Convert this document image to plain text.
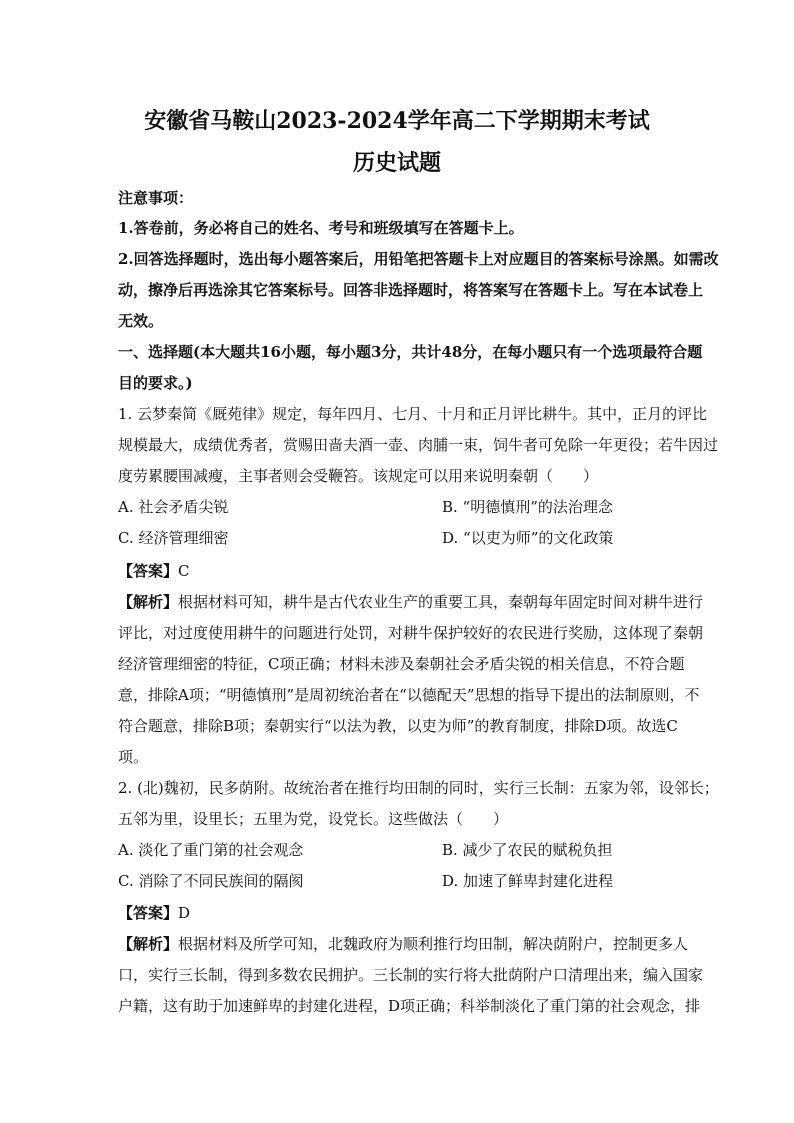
安徽省马鞍山2023-2024学年高二下学期期末考试
历史试题
注意事项：
1.答卷前，务必将自己的姓名、考号和班级填写在答题卡上。
2.回答选择题时，选出每小题答案后，用铅笔把答题卡上对应题目的答案标号涂黑。如需改
动，擦净后再选涂其它答案标号。回答非选择题时，将答案写在答题卡上。写在本试卷上
无效。
一、选择题(本大题共16小题，每小题3分，共计48分，在每小题只有一个选项最符合题
目的要求。)
1. 云梦秦简《厩苑律》规定，每年四月、七月、十月和正月评比耕牛。其中，正月的评比
规模最大，成绩优秀者，赏赐田啬夫酒一壶、肉脯一束，饲牛者可免除一年更役；若牛因过
度劳累腰围减瘦，主事者则会受鞭笞。该规定可以用来说明秦朝（　　）
A. 社会矛盾尖锐	B. “明德慎刑”的法治理念
C. 经济管理细密	D. “以吏为师”的文化政策
【答案】C
【解析】根据材料可知，耕牛是古代农业生产的重要工具，秦朝每年固定时间对耕牛进行
评比，对过度使用耕牛的问题进行处罚，对耕牛保护较好的农民进行奖励，这体现了秦朝
经济管理细密的特征，C项正确；材料未涉及秦朝社会矛盾尖锐的相关信息，不符合题
意，排除A项；“明德慎刑”是周初统治者在“以德配天”思想的指导下提出的法制原则，不
符合题意，排除B项；秦朝实行“以法为教，以吏为师”的教育制度，排除D项。故选C
项。
2. (北)魏初，民多荫附。故统治者在推行均田制的同时，实行三长制：五家为邻，设邻长；
五邻为里，设里长；五里为党，设党长。这些做法（　　）
A. 淡化了重门第的社会观念	B. 减少了农民的赋税负担
C. 消除了不同民族间的隔阂	D. 加速了鲜卑封建化进程
【答案】D
【解析】根据材料及所学可知，北魏政府为顺利推行均田制，解决荫附户，控制更多人
口，实行三长制，得到多数农民拥护。三长制的实行将大批荫附户口清理出来，编入国家
户籍，这有助于加速鲜卑的封建化进程，D项正确；科举制淡化了重门第的社会观念，排
